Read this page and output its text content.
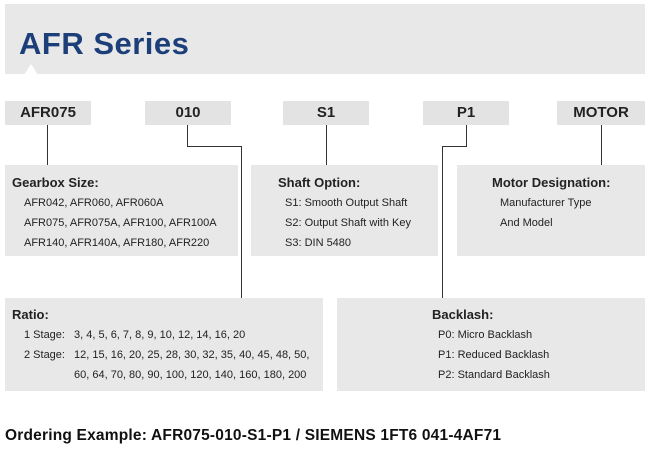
AFR Series
AFR075	010	S1	P1	MOTOR
Gearbox Size:
AFR042, AFR060, AFR060A
AFR075, AFR075A, AFR100, AFR100A
AFR140, AFR140A, AFR180, AFR220
Shaft Option:
S1: Smooth Output Shaft
S2: Output Shaft with Key
S3: DIN 5480
Motor Designation:
Manufacturer Type
And Model
Ratio:
1 Stage: 3, 4, 5, 6, 7, 8, 9, 10, 12, 14, 16, 20
2 Stage: 12, 15, 16, 20, 25, 28, 30, 32, 35, 40, 45, 48, 50,
60, 64, 70, 80, 90, 100, 120, 140, 160, 180, 200
Backlash:
P0: Micro Backlash
P1: Reduced Backlash
P2: Standard Backlash
Ordering Example: AFR075-010-S1-P1 / SIEMENS 1FT6 041-4AF71
